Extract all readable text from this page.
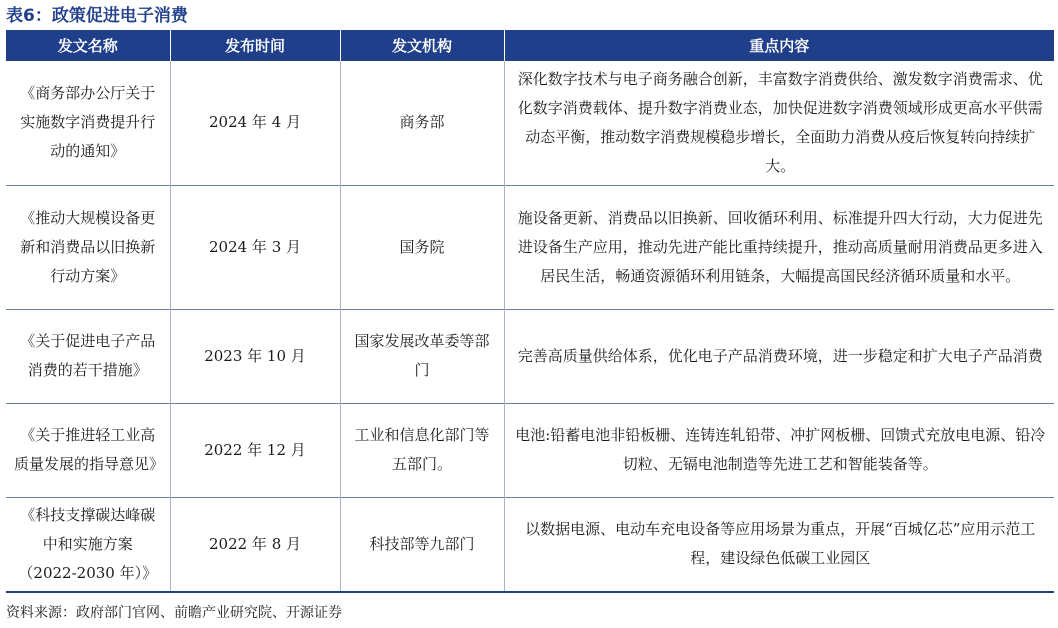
表6：政策促进电子消费
发文名称	发布时间	发文机构	重点内容
《商务部办公厅关于实施数字消费提升行动的通知》	2024 年 4 月	商务部	深化数字技术与电子商务融合创新，丰富数字消费供给、激发数字消费需求、优化数字消费载体、提升数字消费业态，加快促进数字消费领域形成更高水平供需动态平衡，推动数字消费规模稳步增长，全面助力消费从疫后恢复转向持续扩大。
《推动大规模设备更新和消费品以旧换新行动方案》	2024 年 3 月	国务院	施设备更新、消费品以旧换新、回收循环利用、标准提升四大行动，大力促进先进设备生产应用，推动先进产能比重持续提升，推动高质量耐用消费品更多进入居民生活，畅通资源循环利用链条，大幅提高国民经济循环质量和水平。
《关于促进电子产品消费的若干措施》	2023 年 10 月	国家发展改革委等部门	完善高质量供给体系，优化电子产品消费环境，进一步稳定和扩大电子产品消费
《关于推进轻工业高质量发展的指导意见》	2022 年 12 月	工业和信息化部门等五部门。	电池:铅蓄电池非铅板栅、连铸连轧铅带、冲扩网板栅、回馈式充放电电源、铅冷切粒、无镉电池制造等先进工艺和智能装备等。
《科技支撑碳达峰碳中和实施方案（2022-2030 年）》	2022 年 8 月	科技部等九部门	以数据电源、电动车充电设备等应用场景为重点，开展“百城亿芯”应用示范工程，建设绿色低碳工业园区
资料来源：政府部门官网、前瞻产业研究院、开源证券
